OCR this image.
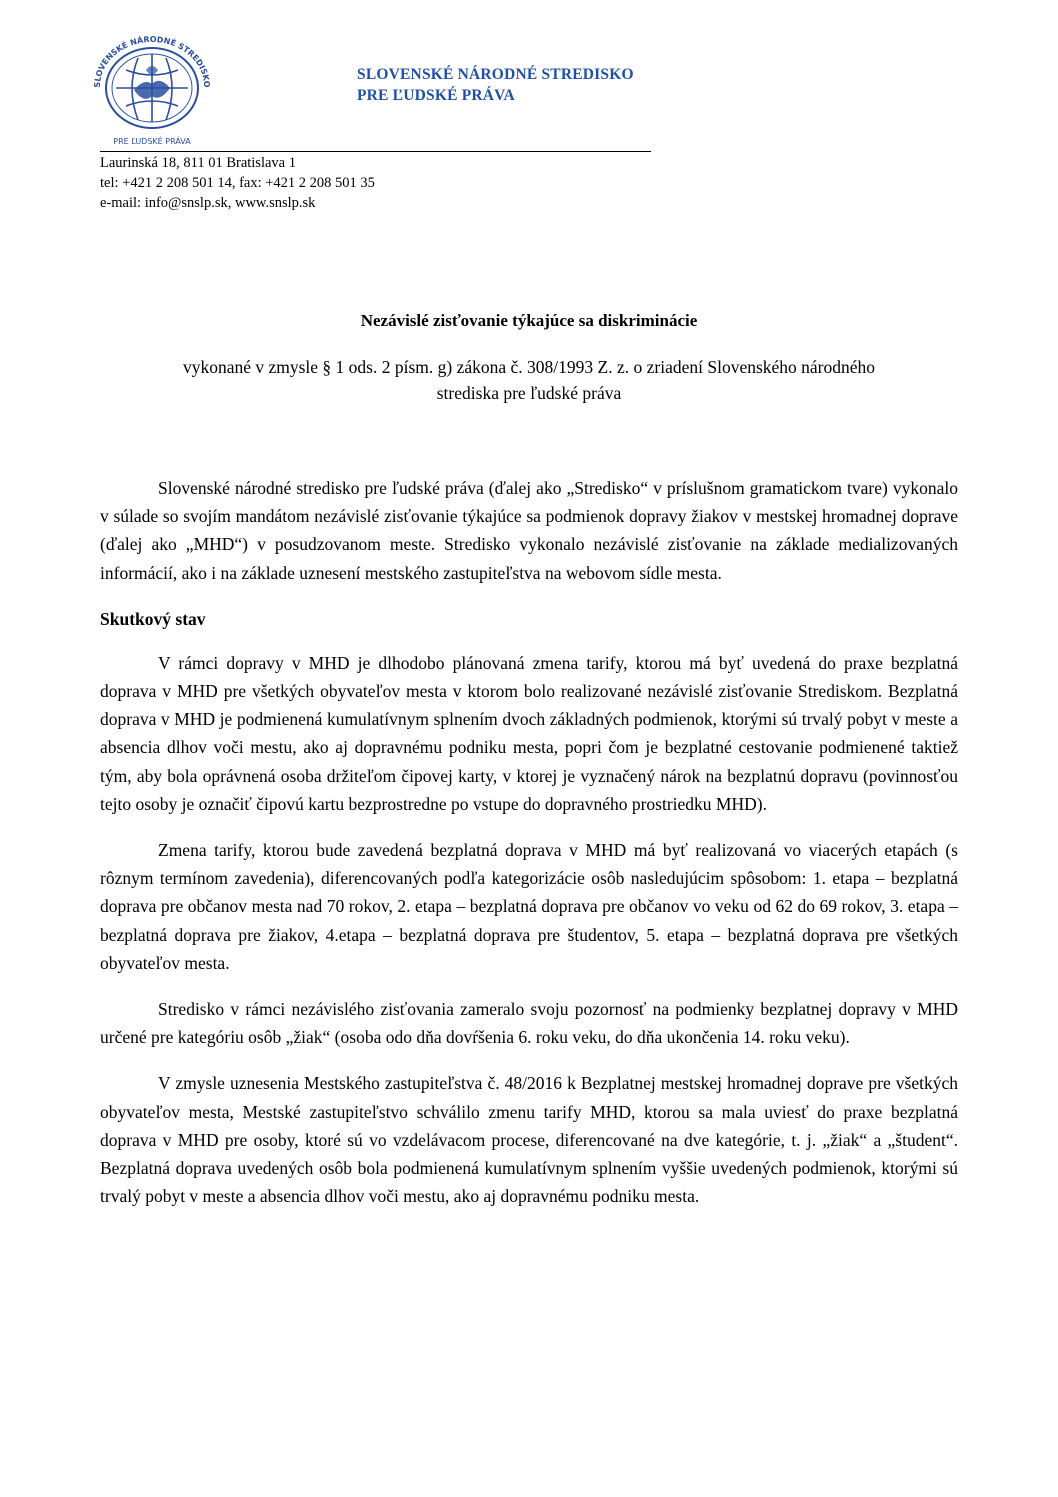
SLOVENSKÉ NÁRODNÉ STREDISKO
PRE ĽUDSKÉ PRÁVA
SLOVENSKÉ NÁRODNÉ STREDISKO
PRE ĽUDSKÉ PRÁVA
Laurinská 18, 811 01 Bratislava 1
tel: +421 2 208 501 14, fax: +421 2 208 501 35
e-mail: info@snslp.sk, www.snslp.sk
Nezávislé zisťovanie týkajúce sa diskriminácie
vykonané v zmysle § 1 ods. 2 písm. g) zákona č. 308/1993 Z. z. o zriadení Slovenského národného
strediska pre ľudské práva

Slovenské národné stredisko pre ľudské práva (ďalej ako „Stredisko“ v príslušnom gramatickom tvare) vykonalo v súlade so svojím mandátom nezávislé zisťovanie týkajúce sa podmienok dopravy žiakov v mestskej hromadnej doprave (ďalej ako „MHD“) v posudzovanom meste. Stredisko vykonalo nezávislé zisťovanie na základe medializovaných informácií, ako i na základe uznesení mestského zastupiteľstva na webovom sídle mesta.

Skutkový stav

V rámci dopravy v MHD je dlhodobo plánovaná zmena tarify, ktorou má byť uvedená do praxe bezplatná doprava v MHD pre všetkých obyvateľov mesta v ktorom bolo realizované nezávislé zisťovanie Strediskom. Bezplatná doprava v MHD je podmienená kumulatívnym splnením dvoch základných podmienok, ktorými sú trvalý pobyt v meste a absencia dlhov voči mestu, ako aj dopravnému podniku mesta, popri čom je bezplatné cestovanie podmienené taktiež tým, aby bola oprávnená osoba držiteľom čipovej karty, v ktorej je vyznačený nárok na bezplatnú dopravu (povinnosťou tejto osoby je označiť čipovú kartu bezprostredne po vstupe do dopravného prostriedku MHD).

Zmena tarify, ktorou bude zavedená bezplatná doprava v MHD má byť realizovaná vo viacerých etapách (s rôznym termínom zavedenia), diferencovaných podľa kategorizácie osôb nasledujúcim spôsobom: 1. etapa – bezplatná doprava pre občanov mesta nad 70 rokov, 2. etapa – bezplatná doprava pre občanov vo veku od 62 do 69 rokov, 3. etapa – bezplatná doprava pre žiakov, 4.etapa – bezplatná doprava pre študentov, 5. etapa – bezplatná doprava pre všetkých obyvateľov mesta.

Stredisko v rámci nezávislého zisťovania zameralo svoju pozornosť na podmienky bezplatnej dopravy v MHD určené pre kategóriu osôb „žiak“ (osoba odo dňa dovŕšenia 6. roku veku, do dňa ukončenia 14. roku veku).

V zmysle uznesenia Mestského zastupiteľstva č. 48/2016 k Bezplatnej mestskej hromadnej doprave pre všetkých obyvateľov mesta, Mestské zastupiteľstvo schválilo zmenu tarify MHD, ktorou sa mala uviesť do praxe bezplatná doprava v MHD pre osoby, ktoré sú vo vzdelávacom procese, diferencované na dve kategórie, t. j. „žiak“ a „študent“. Bezplatná doprava uvedených osôb bola podmienená kumulatívnym splnením vyššie uvedených podmienok, ktorými sú trvalý pobyt v meste a absencia dlhov voči mestu, ako aj dopravnému podniku mesta.
